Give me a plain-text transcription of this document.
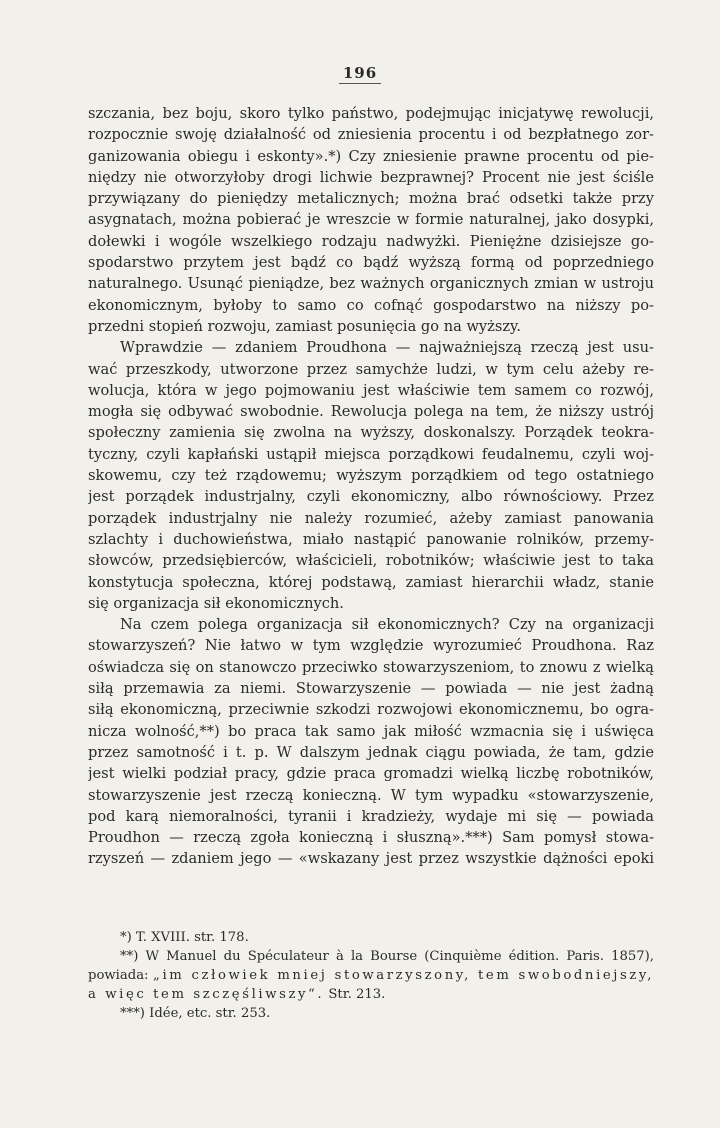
196
szczania, bez boju, skoro tylko państwo, podejmując inicjatywę rewolucji,
rozpocznie swoję działalność od zniesienia procentu i od bezpłatnego zor-
ganizowania obiegu i eskonty».*) Czy zniesienie prawne procentu od pie-
niędzy nie otworzyłoby drogi lichwie bezprawnej? Procent nie jest ściśle
przywiązany do pieniędzy metalicznych; można brać odsetki także przy
asygnatach, można pobierać je wreszcie w formie naturalnej, jako dosypki,
dołewki i wogóle wszelkiego rodzaju nadwyżki. Pieniężne dzisiejsze go-
spodarstwo przytem jest bądź co bądź wyższą formą od poprzedniego
naturalnego. Usunąć pieniądze, bez ważnych organicznych zmian w ustroju
ekonomicznym, byłoby to samo co cofnąć gospodarstwo na niższy po-
przedni stopień rozwoju, zamiast posunięcia go na wyższy.
Wprawdzie — zdaniem Proudhona — najważniejszą rzeczą jest usu-
wać przeszkody, utworzone przez samychże ludzi, w tym celu ażeby re-
wolucja, która w jego pojmowaniu jest właściwie tem samem co rozwój,
mogła się odbywać swobodnie. Rewolucja polega na tem, że niższy ustrój
społeczny zamienia się zwolna na wyższy, doskonalszy. Porządek teokra-
tyczny, czyli kapłański ustąpił miejsca porządkowi feudalnemu, czyli woj-
skowemu, czy też rządowemu; wyższym porządkiem od tego ostatniego
jest porządek industrjalny, czyli ekonomiczny, albo równościowy. Przez
porządek industrjalny nie należy rozumieć, ażeby zamiast panowania
szlachty i duchowieństwa, miało nastąpić panowanie rolników, przemy-
słowców, przedsiębierców, właścicieli, robotników; właściwie jest to taka
konstytucja społeczna, której podstawą, zamiast hierarchii władz, stanie
się organizacja sił ekonomicznych.
Na czem polega organizacja sił ekonomicznych? Czy na organizacji
stowarzyszeń? Nie łatwo w tym względzie wyrozumieć Proudhona. Raz
oświadcza się on stanowczo przeciwko stowarzyszeniom, to znowu z wielką
siłą przemawia za niemi. Stowarzyszenie — powiada — nie jest żadną
siłą ekonomiczną, przeciwnie szkodzi rozwojowi ekonomicznemu, bo ogra-
nicza wolność,**) bo praca tak samo jak miłość wzmacnia się i uświęca
przez samotność i t. p. W dalszym jednak ciągu powiada, że tam, gdzie
jest wielki podział pracy, gdzie praca gromadzi wielką liczbę robotników,
stowarzyszenie jest rzeczą konieczną. W tym wypadku «stowarzyszenie,
pod karą niemoralności, tyranii i kradzieży, wydaje mi się — powiada
Proudhon — rzeczą zgoła konieczną i słuszną».***) Sam pomysł stowa-
rzyszeń — zdaniem jego — «wskazany jest przez wszystkie dążności epoki
*) T. XVIII. str. 178.
**) W Manuel du Spéculateur à la Bourse (Cinquième édition. Paris. 1857),
powiada: „im człowiek mniej stowarzyszony, tem swobodniejszy,
a więc tem szczęśliwszy“. Str. 213.
***) Idée, etc. str. 253.
